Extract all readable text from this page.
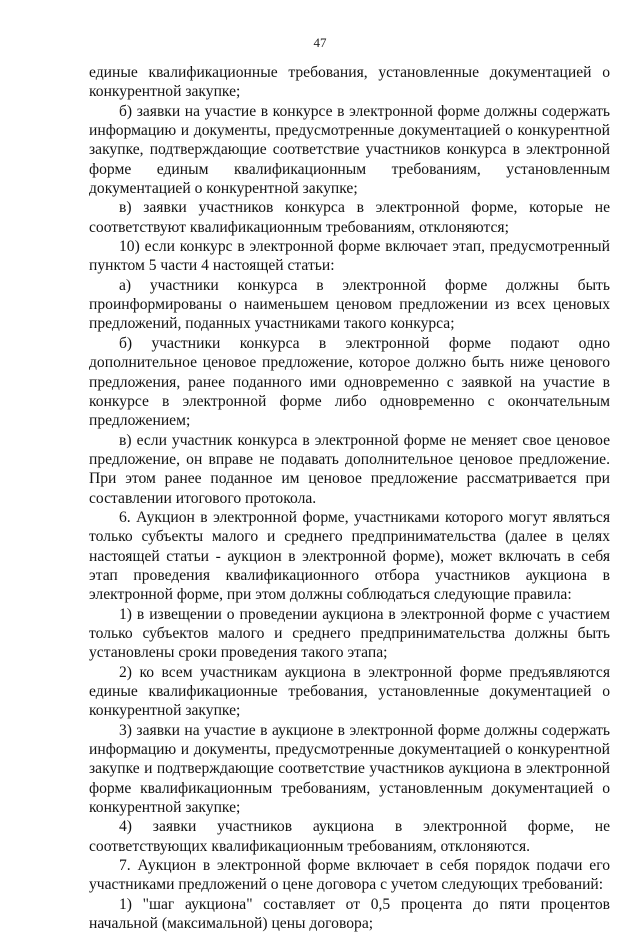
47

единые квалификационные требования, установленные документацией о конкурентной закупке;

б) заявки на участие в конкурсе в электронной форме должны содержать информацию и документы, предусмотренные документацией о конкурентной закупке, подтверждающие соответствие участников конкурса в электронной форме единым квалификационным требованиям, установленным документацией о конкурентной закупке;

в) заявки участников конкурса в электронной форме, которые не соответствуют квалификационным требованиям, отклоняются;

10) если конкурс в электронной форме включает этап, предусмотренный пунктом 5 части 4 настоящей статьи:

а) участники конкурса в электронной форме должны быть проинформированы о наименьшем ценовом предложении из всех ценовых предложений, поданных участниками такого конкурса;

б) участники конкурса в электронной форме подают одно дополнительное ценовое предложение, которое должно быть ниже ценового предложения, ранее поданного ими одновременно с заявкой на участие в конкурсе в электронной форме либо одновременно с окончательным предложением;

в) если участник конкурса в электронной форме не меняет свое ценовое предложение, он вправе не подавать дополнительное ценовое предложение. При этом ранее поданное им ценовое предложение рассматривается при составлении итогового протокола.

6. Аукцион в электронной форме, участниками которого могут являться только субъекты малого и среднего предпринимательства (далее в целях настоящей статьи - аукцион в электронной форме), может включать в себя этап проведения квалификационного отбора участников аукциона в электронной форме, при этом должны соблюдаться следующие правила:

1) в извещении о проведении аукциона в электронной форме с участием только субъектов малого и среднего предпринимательства должны быть установлены сроки проведения такого этапа;

2) ко всем участникам аукциона в электронной форме предъявляются единые квалификационные требования, установленные документацией о конкурентной закупке;

3) заявки на участие в аукционе в электронной форме должны содержать информацию и документы, предусмотренные документацией о конкурентной закупке и подтверждающие соответствие участников аукциона в электронной форме квалификационным требованиям, установленным документацией о конкурентной закупке;

4) заявки участников аукциона в электронной форме, не соответствующих квалификационным требованиям, отклоняются.

7. Аукцион в электронной форме включает в себя порядок подачи его участниками предложений о цене договора с учетом следующих требований:

1) "шаг аукциона" составляет от 0,5 процента до пяти процентов начальной (максимальной) цены договора;
